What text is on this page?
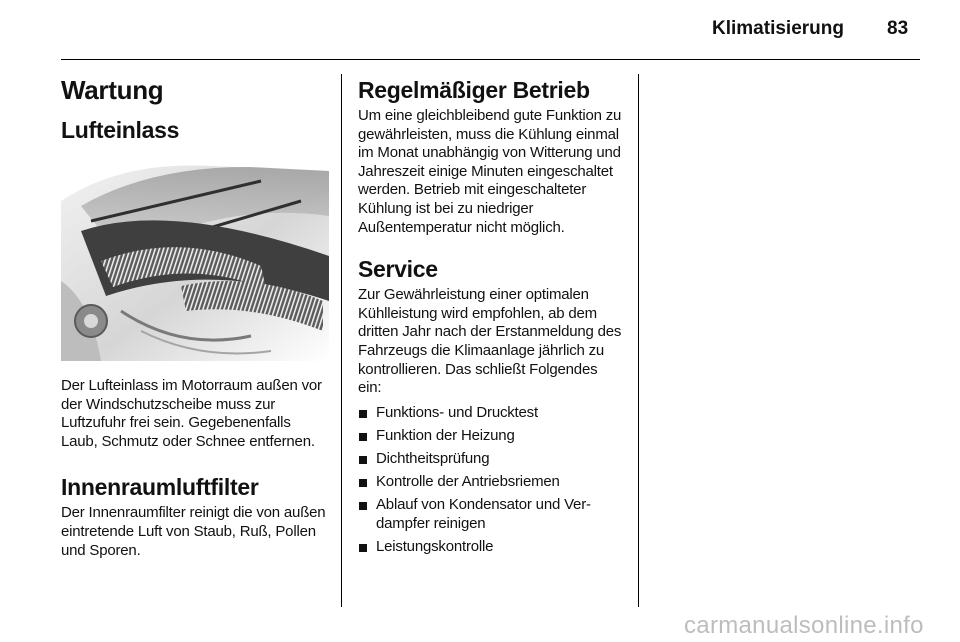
Klimatisierung 83
Wartung
Lufteinlass

Der Lufteinlass im Motorraum außen vor der Windschutzscheibe muss zur Luftzufuhr frei sein. Gegebenenfalls Laub, Schmutz oder Schnee entfernen.

Innenraumluftfilter

Der Innenraumfilter reinigt die von außen eintretende Luft von Staub, Ruß, Pollen und Sporen.

Regelmäßiger Betrieb

Um eine gleichbleibend gute Funktion zu gewährleisten, muss die Kühlung einmal im Monat unabhängig von Witterung und Jahreszeit einige Minuten eingeschaltet werden. Betrieb mit eingeschalteter Kühlung ist bei zu niedriger Außentemperatur nicht möglich.

Service

Zur Gewährleistung einer optimalen Kühlleistung wird empfohlen, ab dem dritten Jahr nach der Erstanmeldung des Fahrzeugs die Klimaanlage jährlich zu kontrollieren. Das schließt Folgendes ein:

Funktions- und Drucktest
Funktion der Heizung
Dichtheitsprüfung
Kontrolle der Antriebsriemen
Ablauf von Kondensator und Verdampfer reinigen
Leistungskontrolle
carmanualsonline.info
